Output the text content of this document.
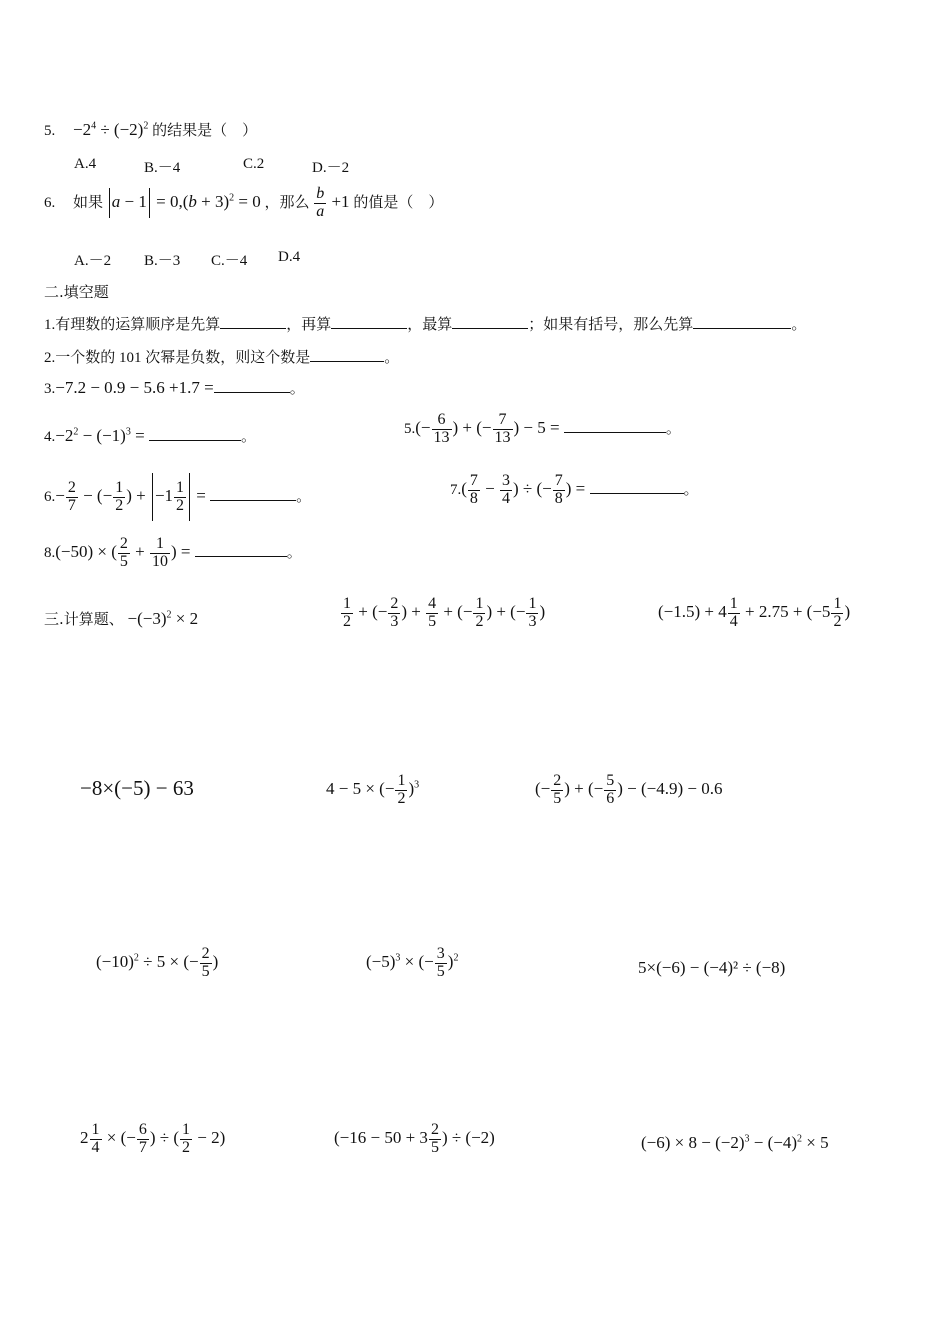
5. $-2^4 \div (-2)^2$ 的结果是（　）
A.4	B.－4	C.2	D.－2
6. 如果 $a - 1 = 0,(b + 3)^2 = 0$ ，那么 $\frac{b}{a} +1$ 的值是（　）
A.－2 B.－3 C.－4 D.4
二.填空题
1.有理数的运算顺序是先算	，再算	，最算	；如果有括号，那么先算	。
2.一个数的 101 次幂是负数，则这个数是	。
3.−7.2 − 0.9 − 5.6 +1.7 =	。
$4.-2^2 - (-1)^3$ =	。	$5.(- \frac{6}{13}$ ) + (− $\frac{7}{13}$ ) − 5 =	。
$6.- \frac{2}{7}$ − (− $\frac{1}{2}$ ) + $-1 \frac{1}{2}$ =	。	$7.( \frac{7}{8} - \frac{3}{4}$ ) ÷ (− $\frac{7}{8}$ ) =	。
8.(−50) × ( $\frac{2}{5} + \frac{1}{10}$ ) =	。
三.计算题、 $-(-3)^2 \times 2$	$\frac{1}{2}$ + (− $\frac{2}{3}$ ) + $\frac{4}{5}$ + (− $\frac{1}{2}$ ) + (− $\frac{1}{3}$ )	$(-1.5) + 4 \frac{1}{4} + 2.75 + (-5 \frac{1}{2}$ )
−8×(−5) − 63	4 − 5 × (− $\frac{1}{2} )^3$	(− $\frac{2}{5}$ ) + (− $\frac{5}{6}$ ) − (−4.9) − 0.6
$(-10)^2 \div 5$ × (− $\frac{2}{5}$ )	$(-5)^3$ × (− $\frac{3}{5} )^2$	5×(−6) − (−4)² ÷ (−8)
$2 \frac{1}{4}$ × (− $\frac{6}{7}$ ) ÷ ( $\frac{1}{2} - 2$)	($-16 - 50 + 3 \frac{2}{5}$ ) ÷ (−2)	$(-6) \times 8 - (-2)^3 - (-4)^2 \times 5$
